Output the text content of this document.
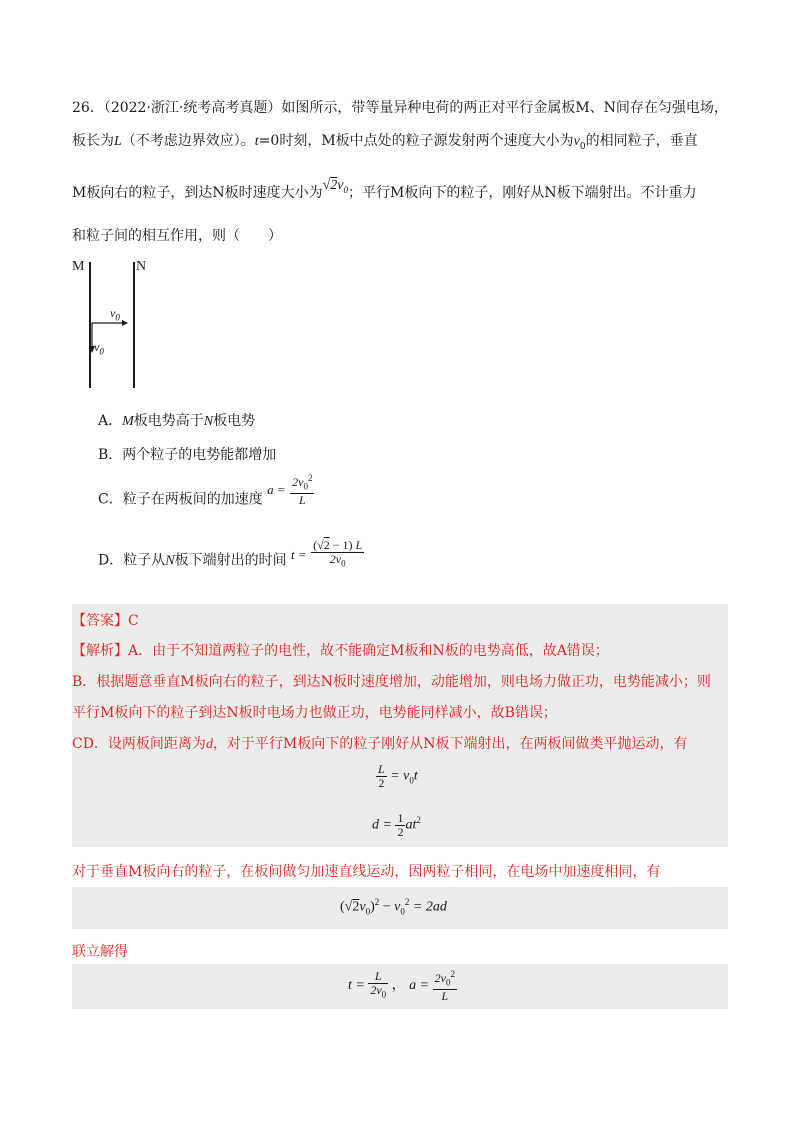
26．（2022·浙江·统考高考真题）如图所示，带等量异种电荷的两正对平行金属板M、N间存在匀强电场，
板长为L（不考虑边界效应）。t=0时刻，M板中点处的粒子源发射两个速度大小为$v_0$的相同粒子，垂直
M板向右的粒子，到达N板时速度大小为$√2v_0$；平行M板向下的粒子，刚好从N板下端射出。不计重力
和粒子间的相互作用，则（　　）
M	N
$v_0$
$v_0$
A．M板电势高于N板电势
B．两个粒子的电势能都增加
C．粒子在两板间的加速度 $a = \frac{2v_0^2}{L}$
D．粒子从N板下端射出的时间 $t = \frac{(√2 - 1) L}{2v_0}$
【答案】C
【解析】A．由于不知道两粒子的电性，故不能确定M板和N板的电势高低，故A错误；
B．根据题意垂直M板向右的粒子，到达N板时速度增加，动能增加，则电场力做正功，电势能减小；则
平行M板向下的粒子到达N板时电场力也做正功，电势能同样减小，故B错误；
CD．设两板间距离为d，对于平行M板向下的粒子刚好从N板下端射出，在两板间做类平抛运动，有
$\frac{L}{2} = v_0t$
$d = \frac{1}{2} at^2$
对于垂直M板向右的粒子，在板间做匀加速直线运动，因两粒子相同，在电场中加速度相同，有
$(√2v_0)^2 - v_0^2 = 2ad$
联立解得
$t = \frac{L}{2v_0}$ ， $a = \frac{2v_0^2}{L}$
